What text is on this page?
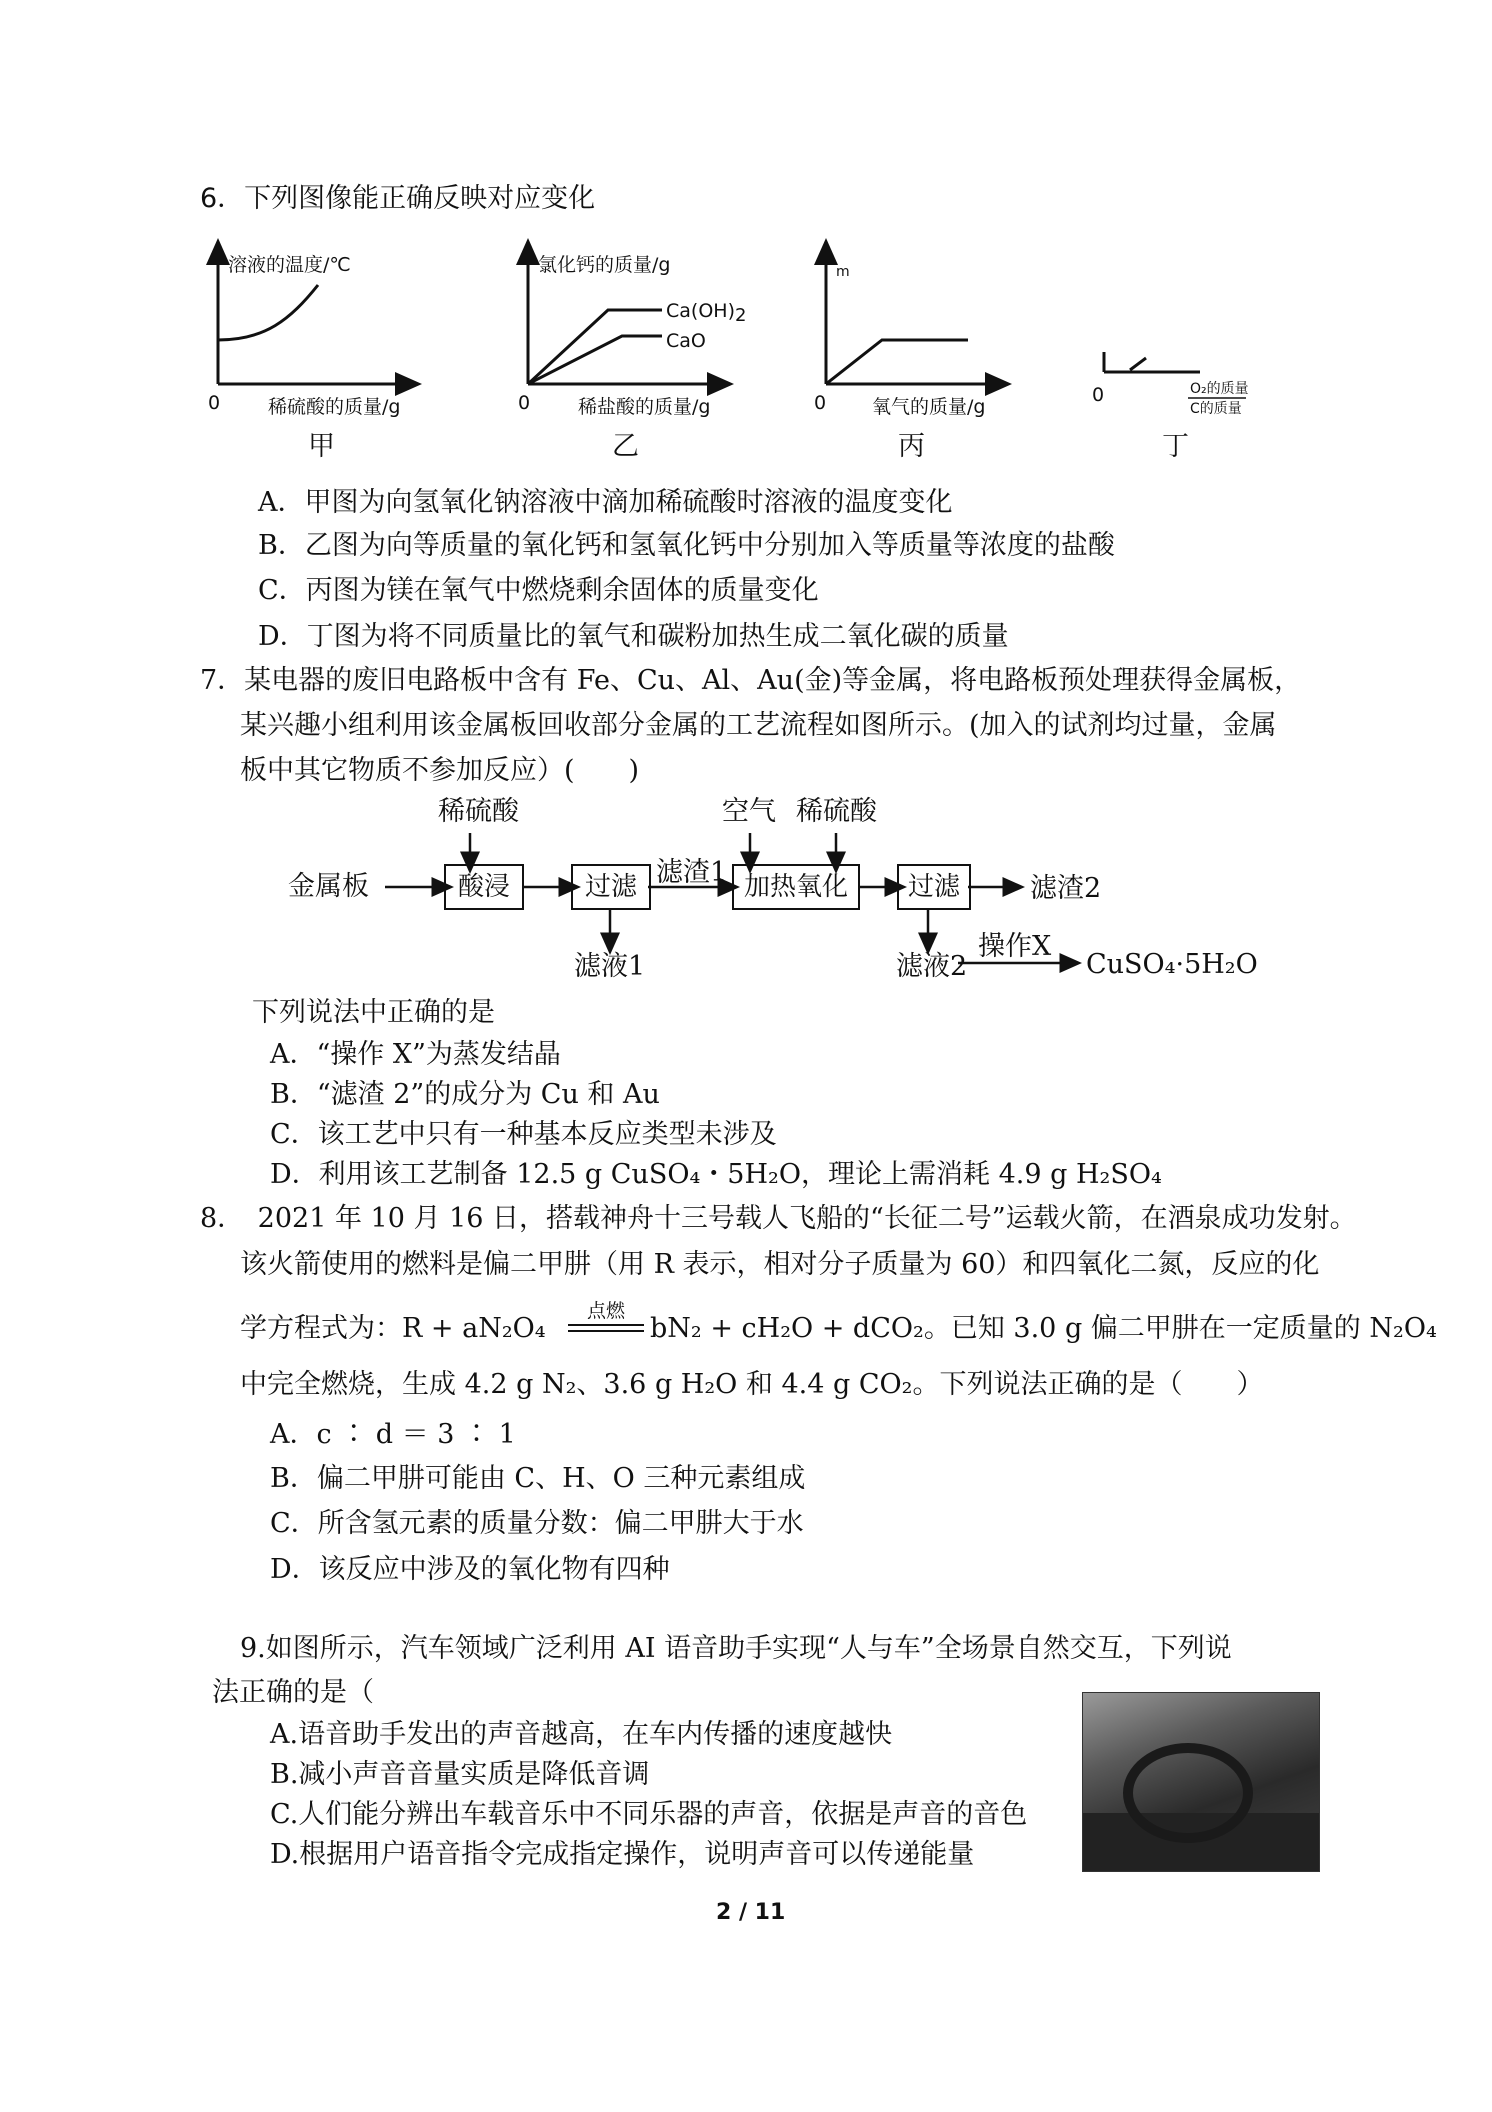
6．下列图像能正确反映对应变化
溶液的温度/℃
0	稀硫酸的质量/g
甲
氯化钙的质量/g
Ca(OH)2
CaO
0	稀盐酸的质量/g
乙
m
0 氧气的质量/g
丙
0	O₂的质量
C的质量
丁
A．甲图为向氢氧化钠溶液中滴加稀硫酸时溶液的温度变化
B．乙图为向等质量的氧化钙和氢氧化钙中分别加入等质量等浓度的盐酸
C．丙图为镁在氧气中燃烧剩余固体的质量变化
D．丁图为将不同质量比的氧气和碳粉加热生成二氧化碳的质量
7．某电器的废旧电路板中含有 Fe、Cu、Al、Au(金)等金属，将电路板预处理获得金属板，
某兴趣小组利用该金属板回收部分金属的工艺流程如图所示。(加入的试剂均过量，金属
板中其它物质不参加反应）(　　)
稀硫酸
金属板	酸浸	过滤
滤液1
滤渣1
空气 稀硫酸
加热氧化	过滤	滤渣2
滤液2
操作X
CuSO₄·5H₂O
下列说法中正确的是
A．“操作 X”为蒸发结晶
B．“滤渣 2”的成分为 Cu 和 Au
C．该工艺中只有一种基本反应类型未涉及
D．利用该工艺制备 12.5 g CuSO₄・5H₂O，理论上需消耗 4.9 g H₂SO₄
8．　2021 年 10 月 16 日，搭载神舟十三号载人飞船的“长征二号”运载火箭，在酒泉成功发射。
该火箭使用的燃料是偏二甲肼（用 R 表示，相对分子质量为 60）和四氧化二氮，反应的化
学方程式为：R + aN₂O₄
点燃
bN₂ + cH₂O + dCO₂。已知 3.0 g 偏二甲肼在一定质量的 N₂O₄
中完全燃烧，生成 4.2 g N₂、3.6 g H₂O 和 4.4 g CO₂。下列说法正确的是（　　）
A．c ∶ d ＝ 3 ∶ 1
B．偏二甲肼可能由 C、H、O 三种元素组成
C．所含氢元素的质量分数：偏二甲肼大于水
D．该反应中涉及的氧化物有四种
9.如图所示，汽车领域广泛利用 AI 语音助手实现“人与车”全场景自然交互，下列说
法正确的是（
A.语音助手发出的声音越高，在车内传播的速度越快
B.减小声音音量实质是降低音调
C.人们能分辨出车载音乐中不同乐器的声音，依据是声音的音色
D.根据用户语音指令完成指定操作，说明声音可以传递能量
2 / 11
